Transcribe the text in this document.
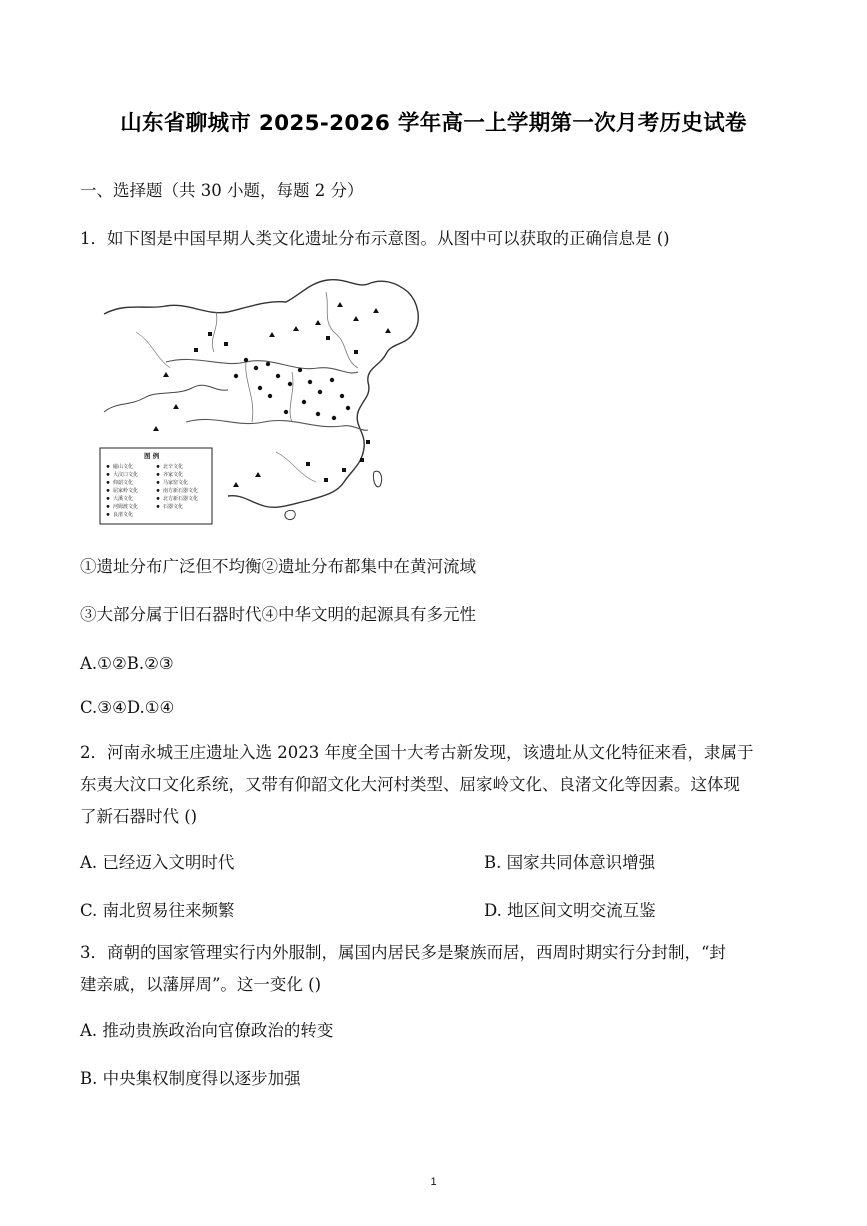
山东省聊城市 2025-2026 学年高一上学期第一次月考历史试卷
一、选择题（共 30 小题，每题 2 分）
1．如下图是中国早期人类文化遗址分布示意图。从图中可以获取的正确信息是 ()
图 例
磁山文化
大汶口文化
仰韶文化
屈家岭文化
大溪文化
河姆渡文化
良渚文化
北辛文化
齐家文化
马家窑文化
南方新石器文化
北方新石器文化
石器文化
①遗址分布广泛但不均衡②遗址分布都集中在黄河流域
③大部分属于旧石器时代④中华文明的起源具有多元性
A.①②B.②③
C.③④D.①④
2．河南永城王庄遗址入选 2023 年度全国十大考古新发现，该遗址从文化特征来看，隶属于
东夷大汶口文化系统，又带有仰韶文化大河村类型、屈家岭文化、良渚文化等因素。这体现
了新石器时代 ()
A. 已经迈入文明时代	B. 国家共同体意识增强
C. 南北贸易往来频繁	D. 地区间文明交流互鉴
3．商朝的国家管理实行内外服制，属国内居民多是聚族而居，西周时期实行分封制，“封
建亲戚，以藩屏周”。这一变化 ()
A. 推动贵族政治向官僚政治的转变
B. 中央集权制度得以逐步加强
1
